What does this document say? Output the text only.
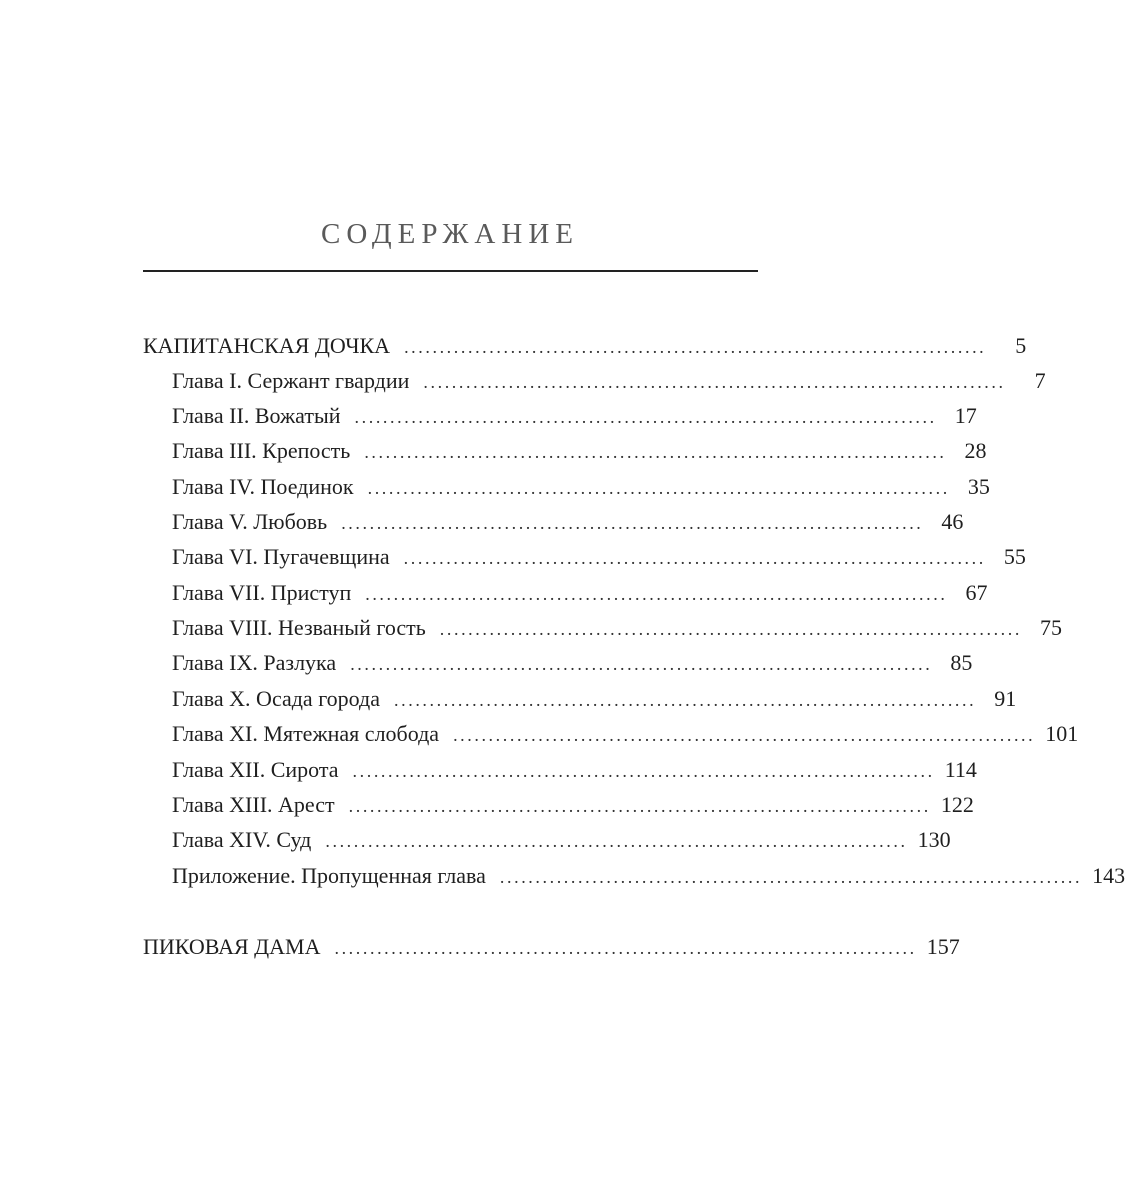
СОДЕРЖАНИЕ
КАПИТАНСКАЯ ДОЧКА ..................................................................................	5
Глава I. Сержант гвардии ..................................................................................	7
Глава II. Вожатый .................................................................................. 17
Глава III. Крепость .................................................................................. 28
Глава IV. Поединок .................................................................................. 35
Глава V. Любовь .................................................................................. 46
Глава VI. Пугачевщина .................................................................................. 55
Глава VII. Приступ .................................................................................. 67
Глава VIII. Незваный гость .................................................................................. 75
Глава IX. Разлука .................................................................................. 85
Глава X. Осада города .................................................................................. 91
Глава XI. Мятежная слобода .................................................................................. 101
Глава XII. Сирота .................................................................................. 114
Глава XIII. Арест .................................................................................. 122
Глава XIV. Суд .................................................................................. 130
Приложение. Пропущенная глава .................................................................................. 143
ПИКОВАЯ ДАМА .................................................................................. 157
